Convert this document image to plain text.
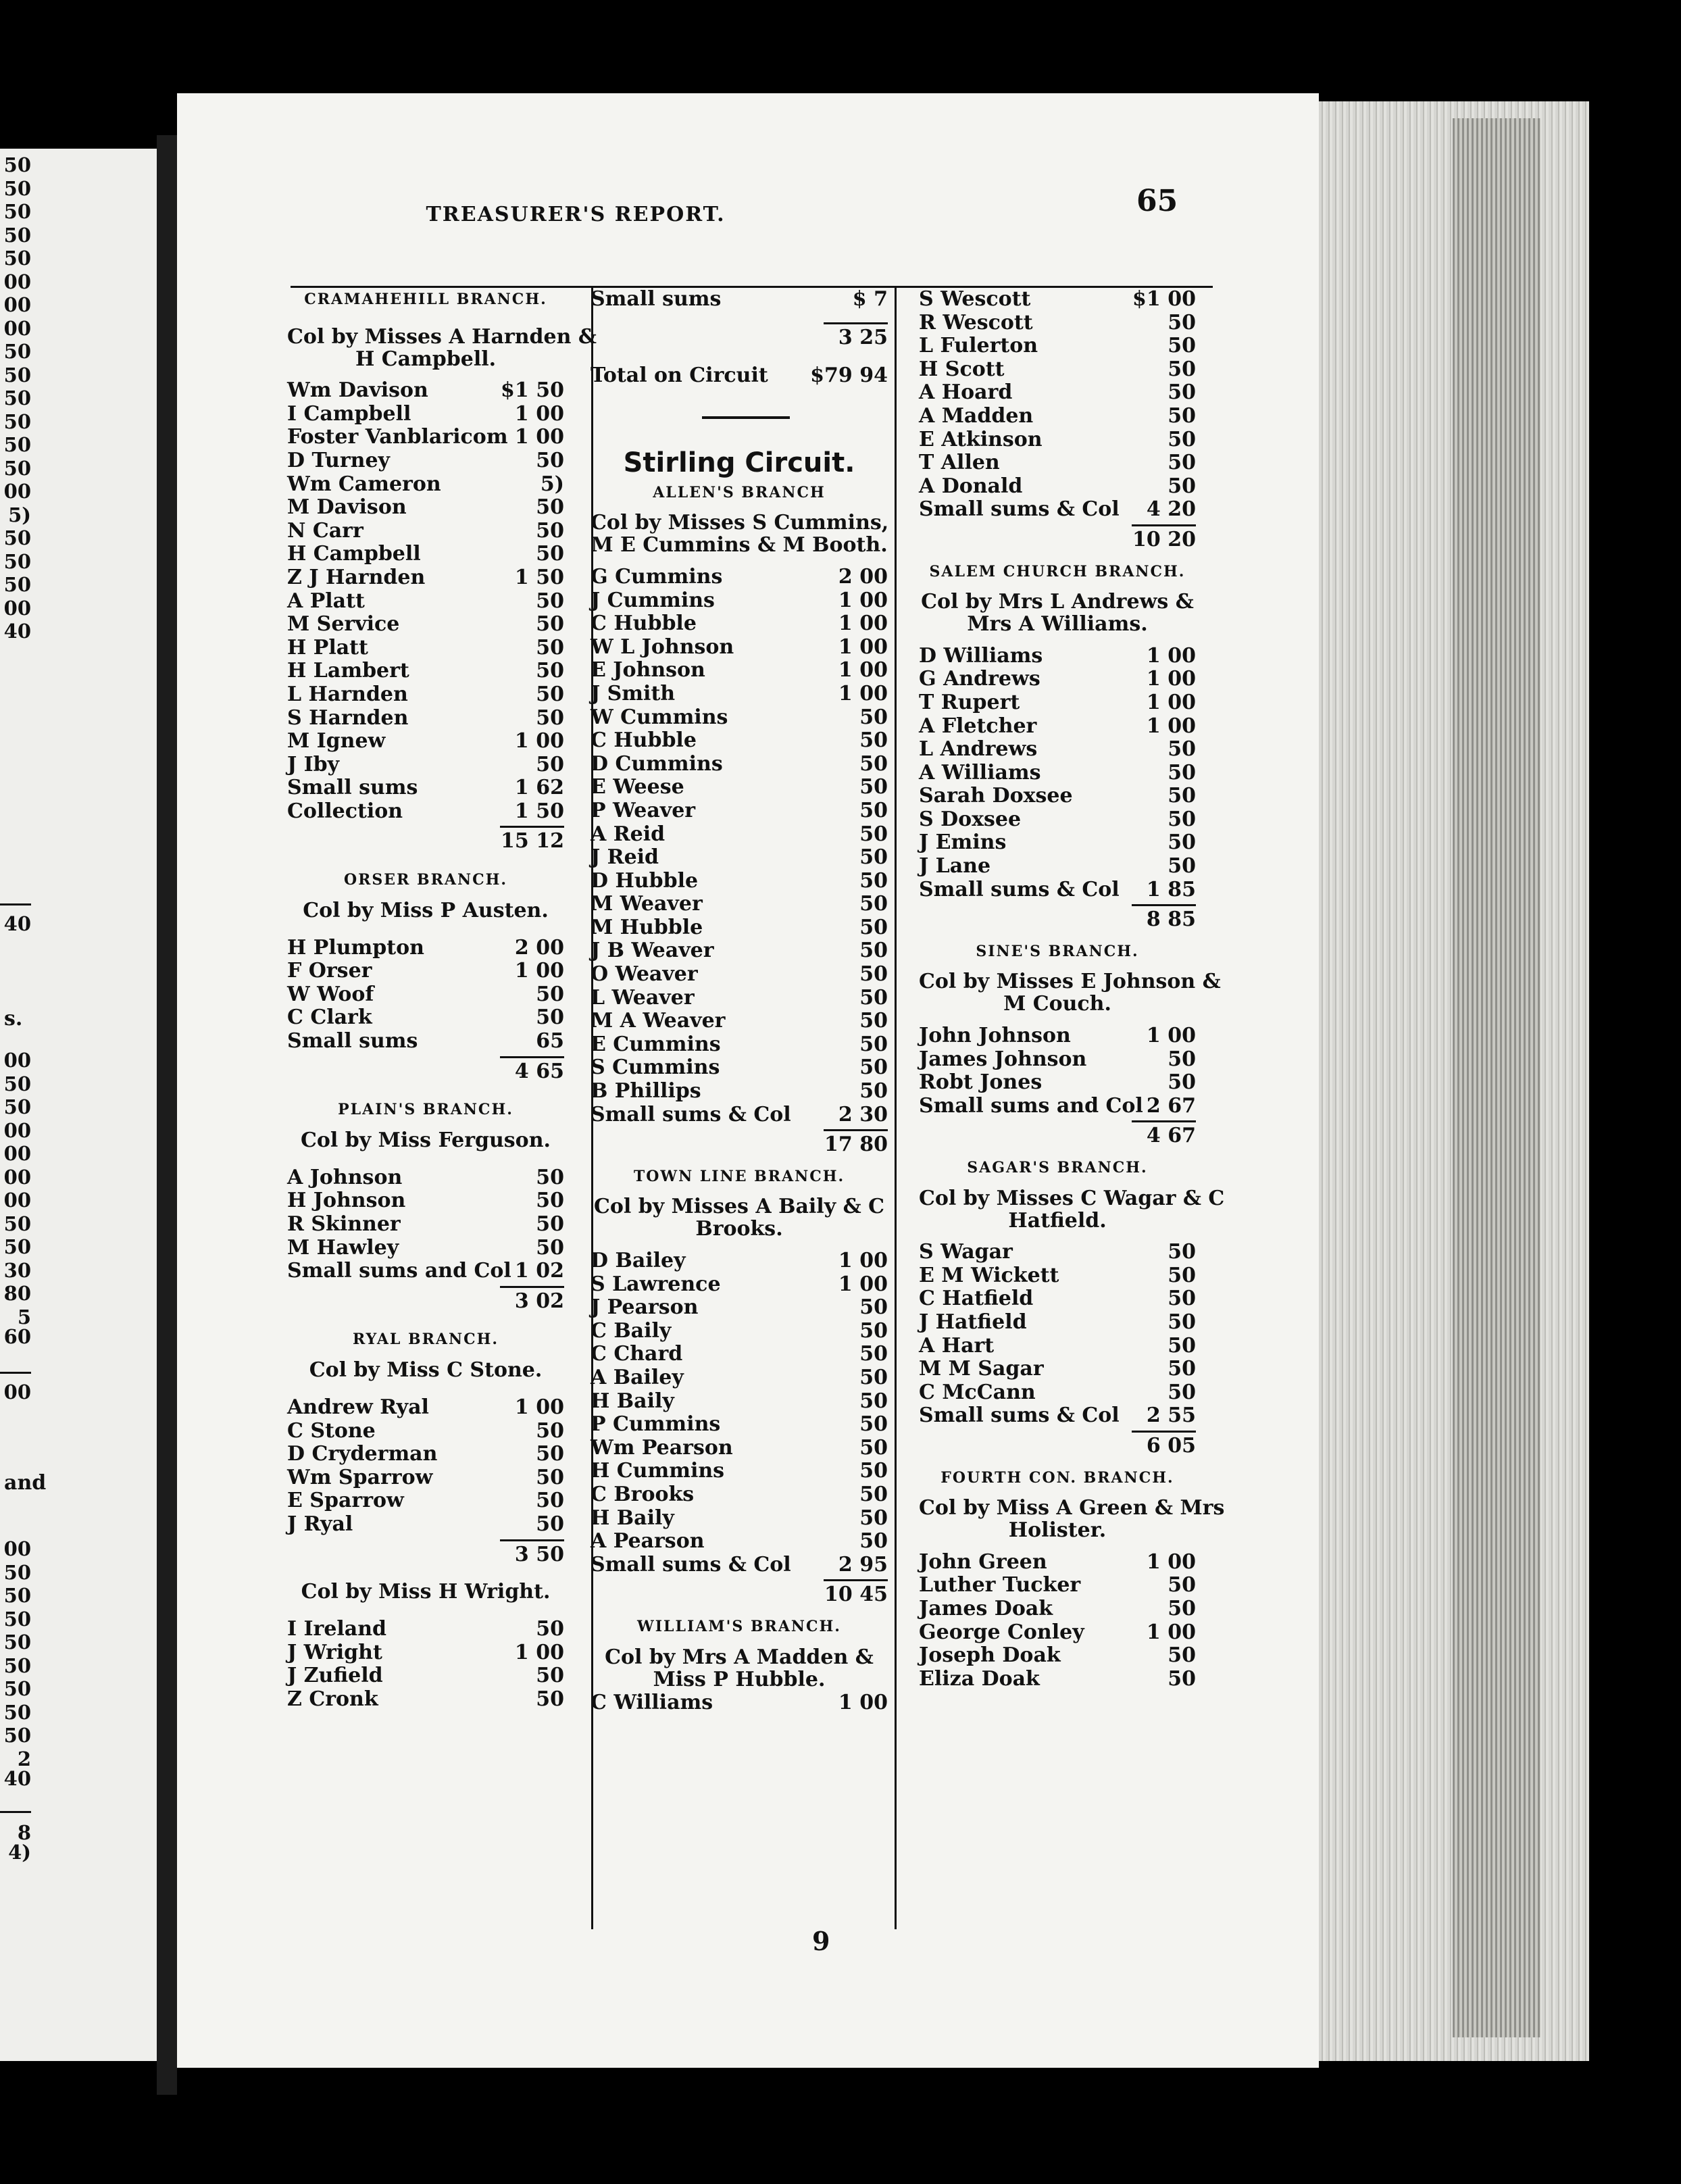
50
50
50
50
50
00
00
00
50
50
50
50
50
50
00
5)
50
50
50
00
40
40
s.
00
50
50
00
00
00
00
50
50
30
80
5 60
00
and
00
50
50
50
50
50
50
50
50
2 40
8 4)
TREASURER'S REPORT.	65
CRAMAHEHILL BRANCH.
Col by Misses A Harnden &
H Campbell.
Wm Davison	$1 50
I Campbell	1 00
Foster Vanblaricom 1 00
D Turney	50
Wm Cameron	5)
M Davison	50
N Carr	50
H Campbell	50
Z J Harnden	1 50
A Platt	50
M Service	50
H Platt	50
H Lambert	50
L Harnden	50
S Harnden	50
M Ignew	1 00
J Iby	50
Small sums	1 62
Collection	1 50
15 12
ORSER BRANCH.
Col by Miss P Austen.
H Plumpton	2 00
F Orser	1 00
W Woof	50
C Clark	50
Small sums	65
4 65
PLAIN'S BRANCH.
Col by Miss Ferguson.
A Johnson	50
H Johnson	50
R Skinner	50
M Hawley	50
Small sums and Col 1 02
3 02
RYAL BRANCH.
Col by Miss C Stone.
Andrew Ryal	1 00
C Stone	50
D Cryderman	50
Wm Sparrow	50
E Sparrow	50
J Ryal	50
3 50
Col by Miss H Wright.
I Ireland	50
J Wright	1 00
J Zufield	50
Z Cronk	50
Small sums	$ 7
3 25
Total on Circuit $79 94
Stirling Circuit.
ALLEN'S BRANCH
Col by Misses S Cummins,
M E Cummins & M Booth.
G Cummins	2 00
J Cummins	1 00
C Hubble	1 00
W L Johnson	1 00
E Johnson	1 00
J Smith	1 00
W Cummins	50
C Hubble	50
D Cummins	50
E Weese	50
P Weaver	50
A Reid	50
J Reid	50
D Hubble	50
M Weaver	50
M Hubble	50
J B Weaver	50
O Weaver	50
L Weaver	50
M A Weaver	50
E Cummins	50
S Cummins	50
B Phillips	50
Small sums & Col 2 30
17 80
TOWN LINE BRANCH.
Col by Misses A Baily & C
Brooks.
D Bailey	1 00
S Lawrence	1 00
J Pearson	50
C Baily	50
C Chard	50
A Bailey	50
H Baily	50
P Cummins	50
Wm Pearson	50
H Cummins	50
C Brooks	50
H Baily	50
A Pearson	50
Small sums & Col 2 95
10 45
WILLIAM'S BRANCH.
Col by Mrs A Madden &
Miss P Hubble.
C Williams	1 00
S Wescott	$1 00
R Wescott	50
L Fulerton	50
H Scott	50
A Hoard	50
A Madden	50
E Atkinson	50
T Allen	50
A Donald	50
Small sums & Col 4 20
10 20
SALEM CHURCH BRANCH.
Col by Mrs L Andrews &
Mrs A Williams.
D Williams	1 00
G Andrews	1 00
T Rupert	1 00
A Fletcher	1 00
L Andrews	50
A Williams	50
Sarah Doxsee	50
S Doxsee	50
J Emins	50
J Lane	50
Small sums & Col 1 85
8 85
SINE'S BRANCH.
Col by Misses E Johnson &
M Couch.
John Johnson	1 00
James Johnson	50
Robt Jones	50
Small sums and Col 2 67
4 67
SAGAR'S BRANCH.
Col by Misses C Wagar & C
Hatfield.
S Wagar	50
E M Wickett	50
C Hatfield	50
J Hatfield	50
A Hart	50
M M Sagar	50
C McCann	50
Small sums & Col 2 55
6 05
FOURTH CON. BRANCH.
Col by Miss A Green & Mrs
Holister.
John Green	1 00
Luther Tucker	50
James Doak	50
George Conley	1 00
Joseph Doak	50
Eliza Doak	50
9
